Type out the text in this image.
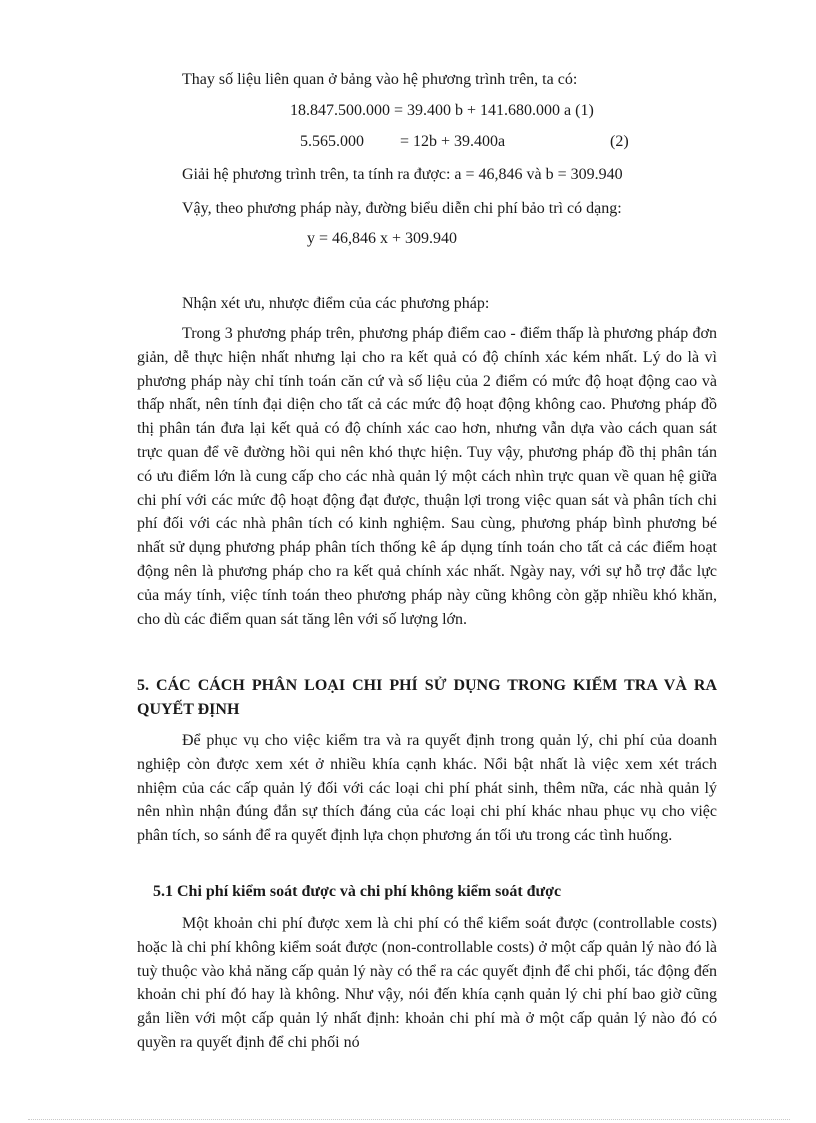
Thay số liệu liên quan ở bảng vào hệ phương trình trên, ta có:
18.847.500.000 = 39.400 b + 141.680.000 a (1)
5.565.000 = 12b + 39.400a	(2)
Giải hệ phương trình trên, ta tính ra được: a = 46,846 và b = 309.940
Vậy, theo phương pháp này, đường biểu diễn chi phí bảo trì có dạng:
y = 46,846 x + 309.940
Nhận xét ưu, nhược điểm của các phương pháp:
Trong 3 phương pháp trên, phương pháp điểm cao - điểm thấp là phương pháp đơn giản, dễ thực hiện nhất nhưng lại cho ra kết quả có độ chính xác kém nhất. Lý do là vì phương pháp này chỉ tính toán căn cứ và số liệu của 2 điểm có mức độ hoạt động cao và thấp nhất, nên tính đại diện cho tất cả các mức độ hoạt động không cao. Phương pháp đồ thị phân tán đưa lại kết quả có độ chính xác cao hơn, nhưng vẫn dựa vào cách quan sát trực quan để vẽ đường hồi qui nên khó thực hiện. Tuy vậy, phương pháp đồ thị phân tán có ưu điểm lớn là cung cấp cho các nhà quản lý một cách nhìn trực quan về quan hệ giữa chi phí với các mức độ hoạt động đạt được, thuận lợi trong việc quan sát và phân tích chi phí đối với các nhà phân tích có kinh nghiệm. Sau cùng, phương pháp bình phương bé nhất sử dụng phương pháp phân tích thống kê áp dụng tính toán cho tất cả các điểm hoạt động nên là phương pháp cho ra kết quả chính xác nhất. Ngày nay, với sự hỗ trợ đắc lực của máy tính, việc tính toán theo phương pháp này cũng không còn gặp nhiều khó khăn, cho dù các điểm quan sát tăng lên với số lượng lớn.
5. CÁC CÁCH PHÂN LOẠI CHI PHÍ SỬ DỤNG TRONG KIỂM TRA VÀ RA QUYẾT ĐỊNH
Để phục vụ cho việc kiểm tra và ra quyết định trong quản lý, chi phí của doanh nghiệp còn được xem xét ở nhiều khía cạnh khác. Nổi bật nhất là việc xem xét trách nhiệm của các cấp quản lý đối với các loại chi phí phát sinh, thêm nữa, các nhà quản lý nên nhìn nhận đúng đắn sự thích đáng của các loại chi phí khác nhau phục vụ cho việc phân tích, so sánh để ra quyết định lựa chọn phương án tối ưu trong các tình huống.
5.1 Chi phí kiểm soát được và chi phí không kiểm soát được
Một khoản chi phí được xem là chi phí có thể kiểm soát được (controllable costs) hoặc là chi phí không kiểm soát được (non-controllable costs) ở một cấp quản lý nào đó là tuỳ thuộc vào khả năng cấp quản lý này có thể ra các quyết định để chi phối, tác động đến khoản chi phí đó hay là không. Như vậy, nói đến khía cạnh quản lý chi phí bao giờ cũng gắn liền với một cấp quản lý nhất định: khoản chi phí mà ở một cấp quản lý nào đó có quyền ra quyết định để chi phối nó
